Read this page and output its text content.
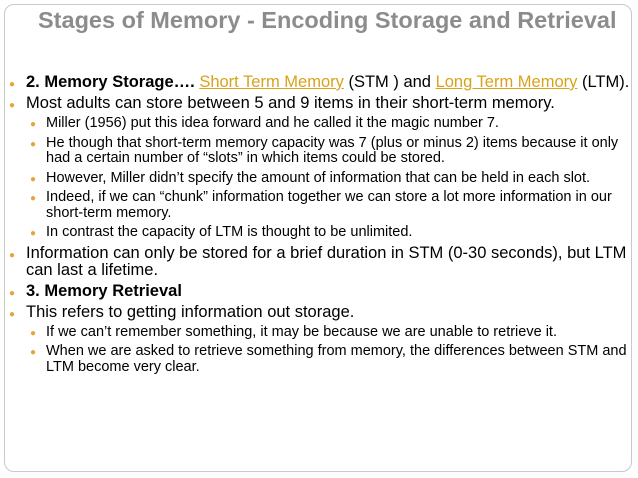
Stages of Memory - Encoding Storage and Retrieval
● 2. Memory Storage…. Short Term Memory (STM ) and Long Term Memory (LTM).
● Most adults can store between 5 and 9 items in their short-term memory.
● Miller (1956) put this idea forward and he called it the magic number 7.
● He though that short-term memory capacity was 7 (plus or minus 2) items because it only had a certain number of “slots” in which items could be stored.
● However, Miller didn’t specify the amount of information that can be held in each slot.
● Indeed, if we can “chunk” information together we can store a lot more information in our short-term memory.
● In contrast the capacity of LTM is thought to be unlimited.
● Information can only be stored for a brief duration in STM (0-30 seconds), but LTM can last a lifetime.
● 3. Memory Retrieval
● This refers to getting information out storage.
● If we can’t remember something, it may be because we are unable to retrieve it.
● When we are asked to retrieve something from memory, the differences between STM and LTM become very clear.
